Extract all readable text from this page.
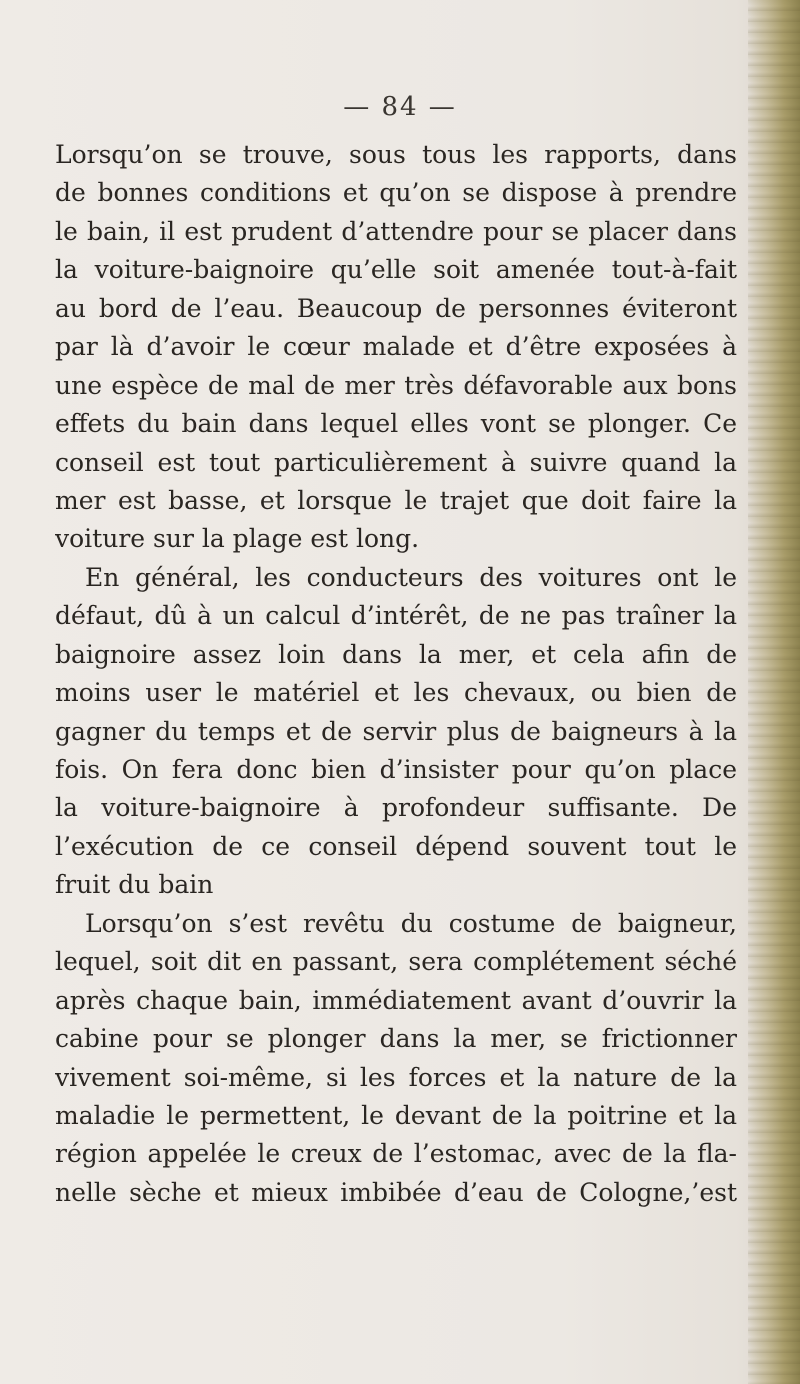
— 84 —
Lorsqu’on se trouve, sous tous les rapports, dans
de bonnes conditions et qu’on se dispose à prendre
le bain, il est prudent d’attendre pour se placer dans
la voiture-baignoire qu’elle soit amenée tout-à-fait
au bord de l’eau. Beaucoup de personnes éviteront
par là d’avoir le cœur malade et d’être exposées à
une espèce de mal de mer très défavorable aux bons
effets du bain dans lequel elles vont se plonger. Ce
conseil est tout particulièrement à suivre quand la
mer est basse, et lorsque le trajet que doit faire la
voiture sur la plage est long.
En général, les conducteurs des voitures ont le
défaut, dû à un calcul d’intérêt, de ne pas traîner la
baignoire assez loin dans la mer, et cela afin de
moins user le matériel et les chevaux, ou bien de
gagner du temps et de servir plus de baigneurs à la
fois. On fera donc bien d’insister pour qu’on place
la voiture-baignoire à profondeur suffisante. De
l’exécution de ce conseil dépend souvent tout le
fruit du bain
Lorsqu’on s’est revêtu du costume de baigneur,
lequel, soit dit en passant, sera complétement séché
après chaque bain, immédiatement avant d’ouvrir la
cabine pour se plonger dans la mer, se frictionner
vivement soi-même, si les forces et la nature de la
maladie le permettent, le devant de la poitrine et la
région appelée le creux de l’estomac, avec de la fla-
nelle sèche et mieux imbibée d’eau de Cologne,’est
